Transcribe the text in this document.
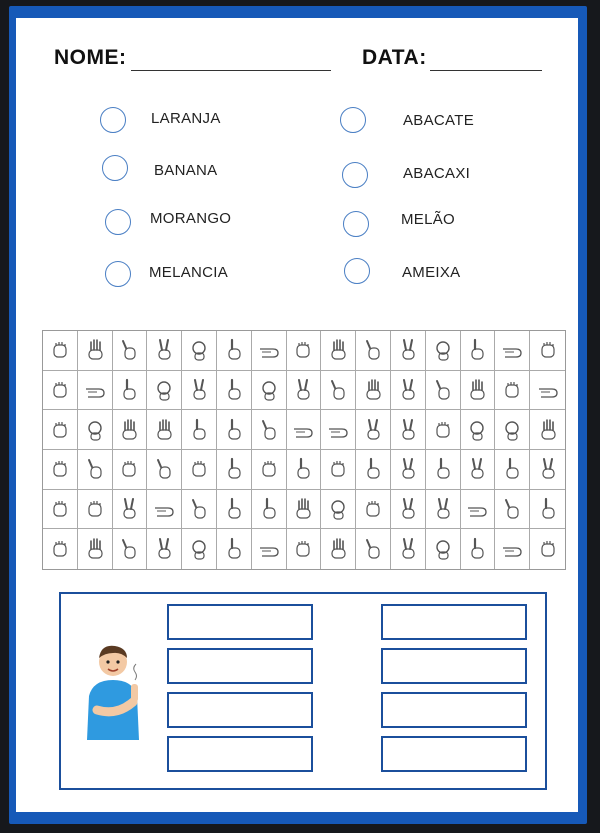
NOME:	DATA:
LARANJA
BANANA
MORANGO
MELANCIA
ABACATE
ABACAXI
MELÃO
AMEIXA
